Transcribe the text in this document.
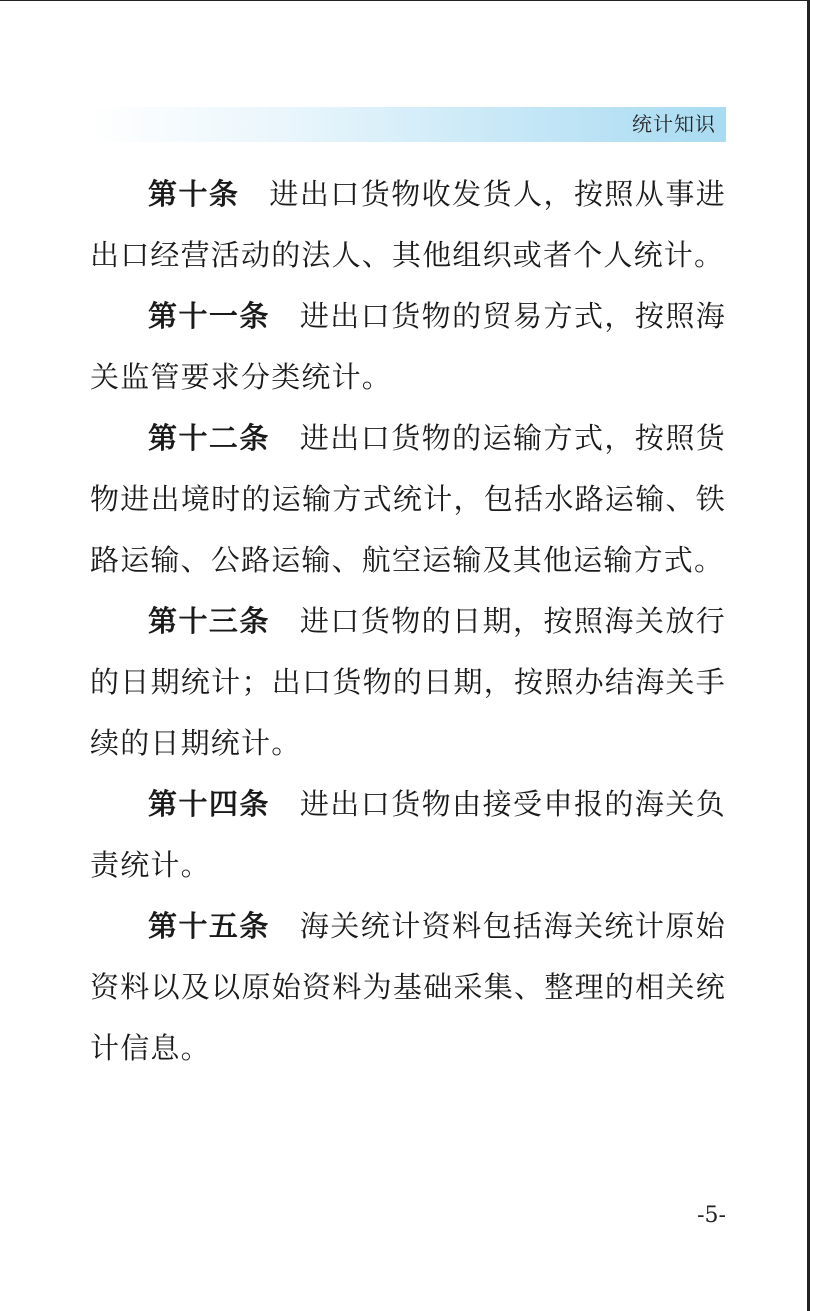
统计知识

第十条 进出口货物收发货人，按照从事进出口经营活动的法人、其他组织或者个人统计。

第十一条 进出口货物的贸易方式，按照海关监管要求分类统计。

第十二条 进出口货物的运输方式，按照货物进出境时的运输方式统计，包括水路运输、铁路运输、公路运输、航空运输及其他运输方式。

第十三条 进口货物的日期，按照海关放行的日期统计；出口货物的日期，按照办结海关手续的日期统计。

第十四条 进出口货物由接受申报的海关负责统计。

第十五条 海关统计资料包括海关统计原始资料以及以原始资料为基础采集、整理的相关统计信息。

-5-
